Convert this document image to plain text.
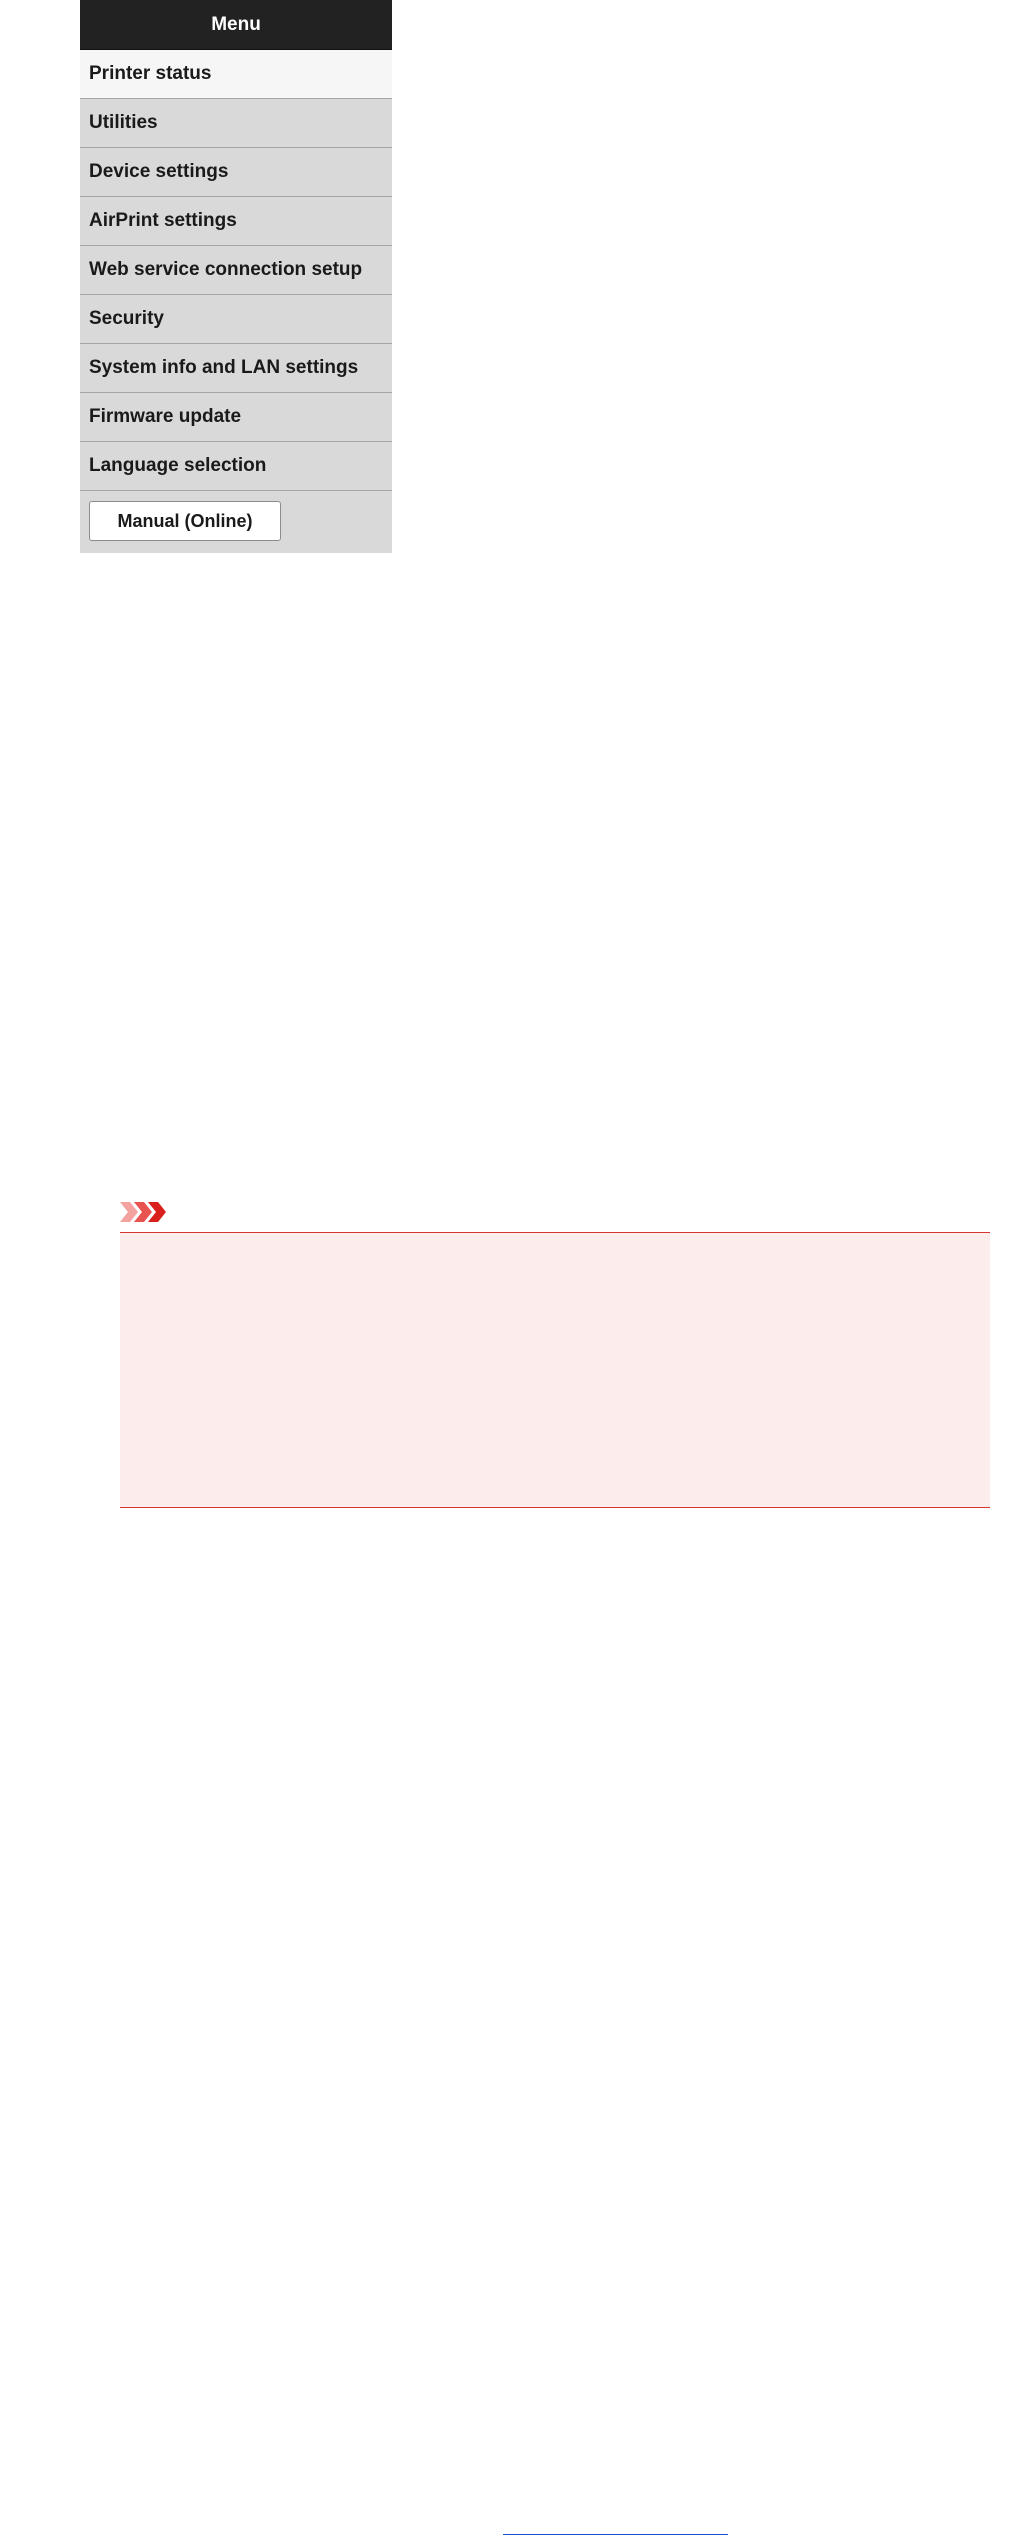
Menu
Printer status
Utilities
Device settings
AirPrint settings
Web service connection setup
Security
System info and LAN settings
Firmware update
Language selection
Manual (Online)
